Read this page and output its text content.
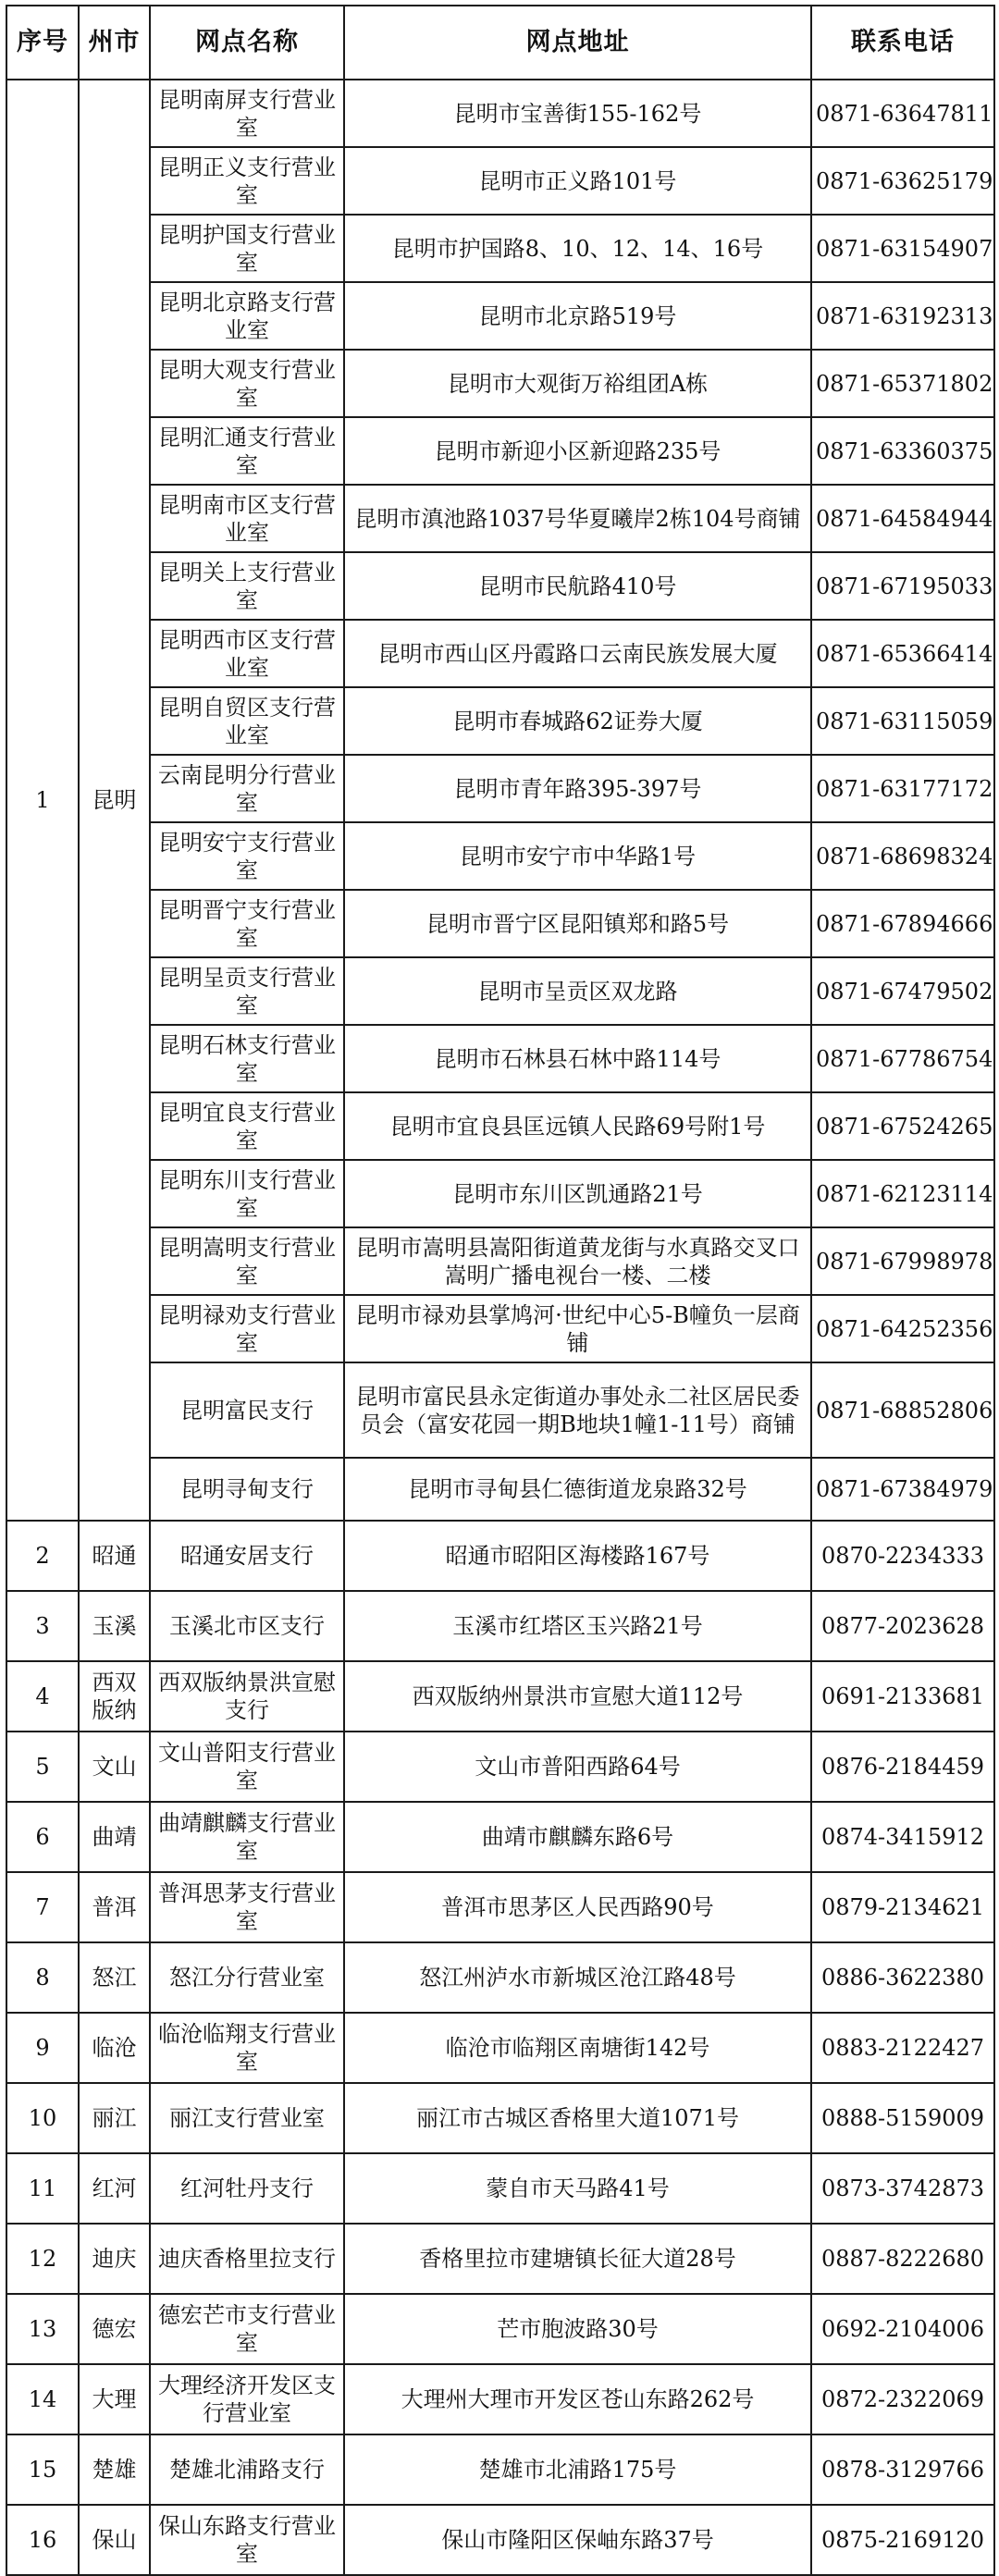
序号	州市	网点名称	网点地址	联系电话
1	昆明	昆明南屏支行营业室	昆明市宝善街155-162号	0871-63647811
		昆明正义支行营业室	昆明市正义路101号	0871-63625179
		昆明护国支行营业室	昆明市护国路8、10、12、14、16号	0871-63154907
		昆明北京路支行营业室	昆明市北京路519号	0871-63192313
		昆明大观支行营业室	昆明市大观街万裕组团A栋	0871-65371802
		昆明汇通支行营业室	昆明市新迎小区新迎路235号	0871-63360375
		昆明南市区支行营业室	昆明市滇池路1037号华夏曦岸2栋104号商铺	0871-64584944
		昆明关上支行营业室	昆明市民航路410号	0871-67195033
		昆明西市区支行营业室	昆明市西山区丹霞路口云南民族发展大厦	0871-65366414
		昆明自贸区支行营业室	昆明市春城路62证券大厦	0871-63115059
		云南昆明分行营业室	昆明市青年路395-397号	0871-63177172
		昆明安宁支行营业室	昆明市安宁市中华路1号	0871-68698324
		昆明晋宁支行营业室	昆明市晋宁区昆阳镇郑和路5号	0871-67894666
		昆明呈贡支行营业室	昆明市呈贡区双龙路	0871-67479502
		昆明石林支行营业室	昆明市石林县石林中路114号	0871-67786754
		昆明宜良支行营业室	昆明市宜良县匡远镇人民路69号附1号	0871-67524265
		昆明东川支行营业室	昆明市东川区凯通路21号	0871-62123114
		昆明嵩明支行营业室	昆明市嵩明县嵩阳街道黄龙街与水真路交叉口嵩明广播电视台一楼、二楼	0871-67998978
		昆明禄劝支行营业室	昆明市禄劝县掌鸠河·世纪中心5-B幢负一层商铺	0871-64252356
		昆明富民支行	昆明市富民县永定街道办事处永二社区居民委员会（富安花园一期B地块1幢1-11号）商铺	0871-68852806
		昆明寻甸支行	昆明市寻甸县仁德街道龙泉路32号	0871-67384979
2	昭通	昭通安居支行	昭通市昭阳区海楼路167号	0870-2234333
3	玉溪	玉溪北市区支行	玉溪市红塔区玉兴路21号	0877-2023628
4	西双版纳	西双版纳景洪宣慰支行	西双版纳州景洪市宣慰大道112号	0691-2133681
5	文山	文山普阳支行营业室	文山市普阳西路64号	0876-2184459
6	曲靖	曲靖麒麟支行营业室	曲靖市麒麟东路6号	0874-3415912
7	普洱	普洱思茅支行营业室	普洱市思茅区人民西路90号	0879-2134621
8	怒江	怒江分行营业室	怒江州泸水市新城区沧江路48号	0886-3622380
9	临沧	临沧临翔支行营业室	临沧市临翔区南塘街142号	0883-2122427
10	丽江	丽江支行营业室	丽江市古城区香格里大道1071号	0888-5159009
11	红河	红河牡丹支行	蒙自市天马路41号	0873-3742873
12	迪庆	迪庆香格里拉支行	香格里拉市建塘镇长征大道28号	0887-8222680
13	德宏	德宏芒市支行营业室	芒市胞波路30号	0692-2104006
14	大理	大理经济开发区支行营业室	大理州大理市开发区苍山东路262号	0872-2322069
15	楚雄	楚雄北浦路支行	楚雄市北浦路175号	0878-3129766
16	保山	保山东路支行营业室	保山市隆阳区保岫东路37号	0875-2169120
